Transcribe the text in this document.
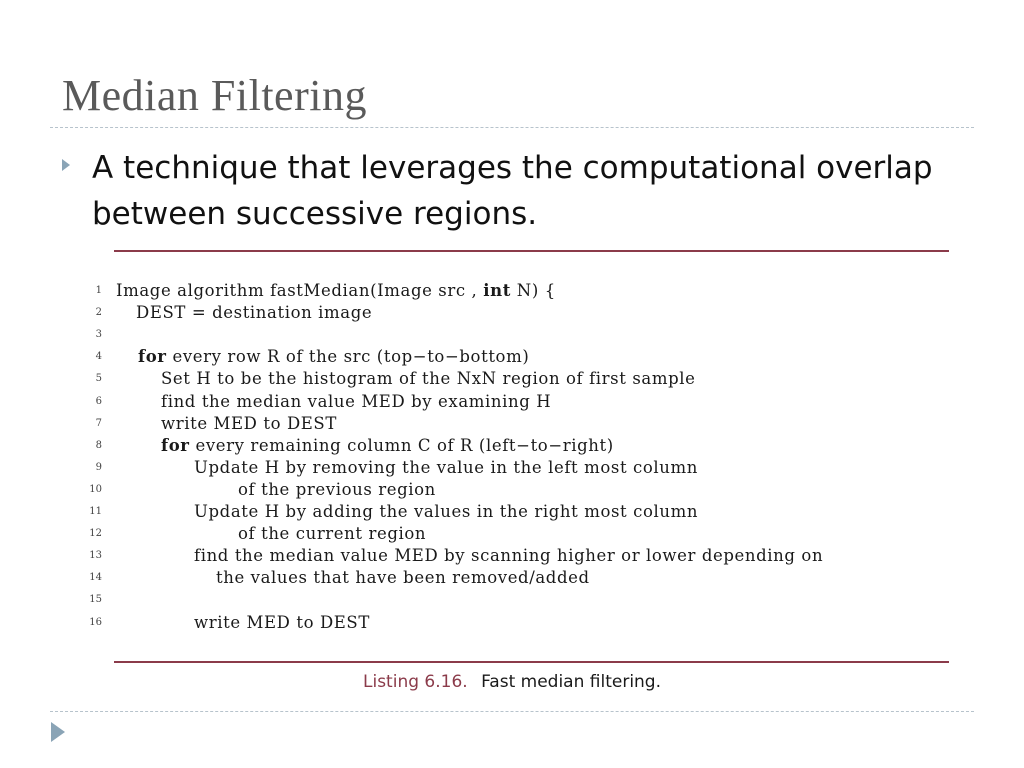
Median Filtering
A technique that leverages the computational overlap between successive regions.
1 Image algorithm fastMedian(Image src , int N) {
2 DEST = destination image
3
4 for every row R of the src (top−to−bottom)
5	Set H to be the histogram of the NxN region of first sample
6	find the median value MED by examining H
7	write MED to DEST
8	for every remaining column C of R (left−to−right)
9	Update H by removing the value in the left most column
10	of the previous region
11	Update H by adding the values in the right most column
12	of the current region
13	find the median value MED by scanning higher or lower depending on
14	the values that have been removed/added
15
16	write MED to DEST
Listing 6.16. Fast median filtering.
